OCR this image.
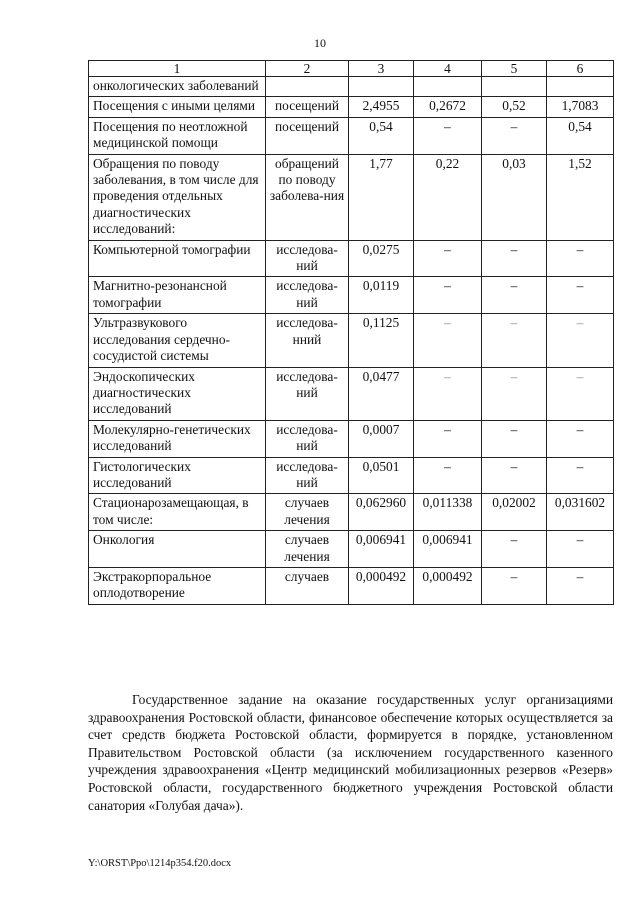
10
1	2	3	4	5	6
онкологических заболеваний					
Посещения с иными целями	посещений	2,4955	0,2672	0,52	1,7083
Посещения по неотложной медицинской помощи	посещений	0,54	–	–	0,54
Обращения по поводу заболевания, в том числе для проведения отдельных диагностических исследований:	обращений по поводу заболева-ния	1,77	0,22	0,03	1,52
Компьютерной томографии	исследова-ний	0,0275	–	–	–
Магнитно-резонансной томографии	исследова-ний	0,0119	–	–	–
Ультразвукового исследования сердечно-сосудистой системы	исследова-нний	0,1125	–	–	–
Эндоскопических диагностических исследований	исследова-ний	0,0477	–	–	–
Молекулярно-генетических исследований	исследова-ний	0,0007	–	–	–
Гистологических исследований	исследова-ний	0,0501	–	–	–
Стационарозамещающая, в том числе:	случаев лечения	0,062960	0,011338	0,02002	0,031602
Онкология	случаев лечения	0,006941	0,006941	–	–
Экстракорпоральное оплодотворение	случаев	0,000492	0,000492	–	–

Государственное задание на оказание государственных услуг организациями здравоохранения Ростовской области, финансовое обеспечение которых осуществляется за счет средств бюджета Ростовской области, формируется в порядке, установленном Правительством Ростовской области (за исключением государственного казенного учреждения здравоохранения «Центр медицинский мобилизационных резервов «Резерв» Ростовской области, государственного бюджетного учреждения Ростовской области санатория «Голубая дача»).

Y:\ORST\Ppo\1214p354.f20.docx
